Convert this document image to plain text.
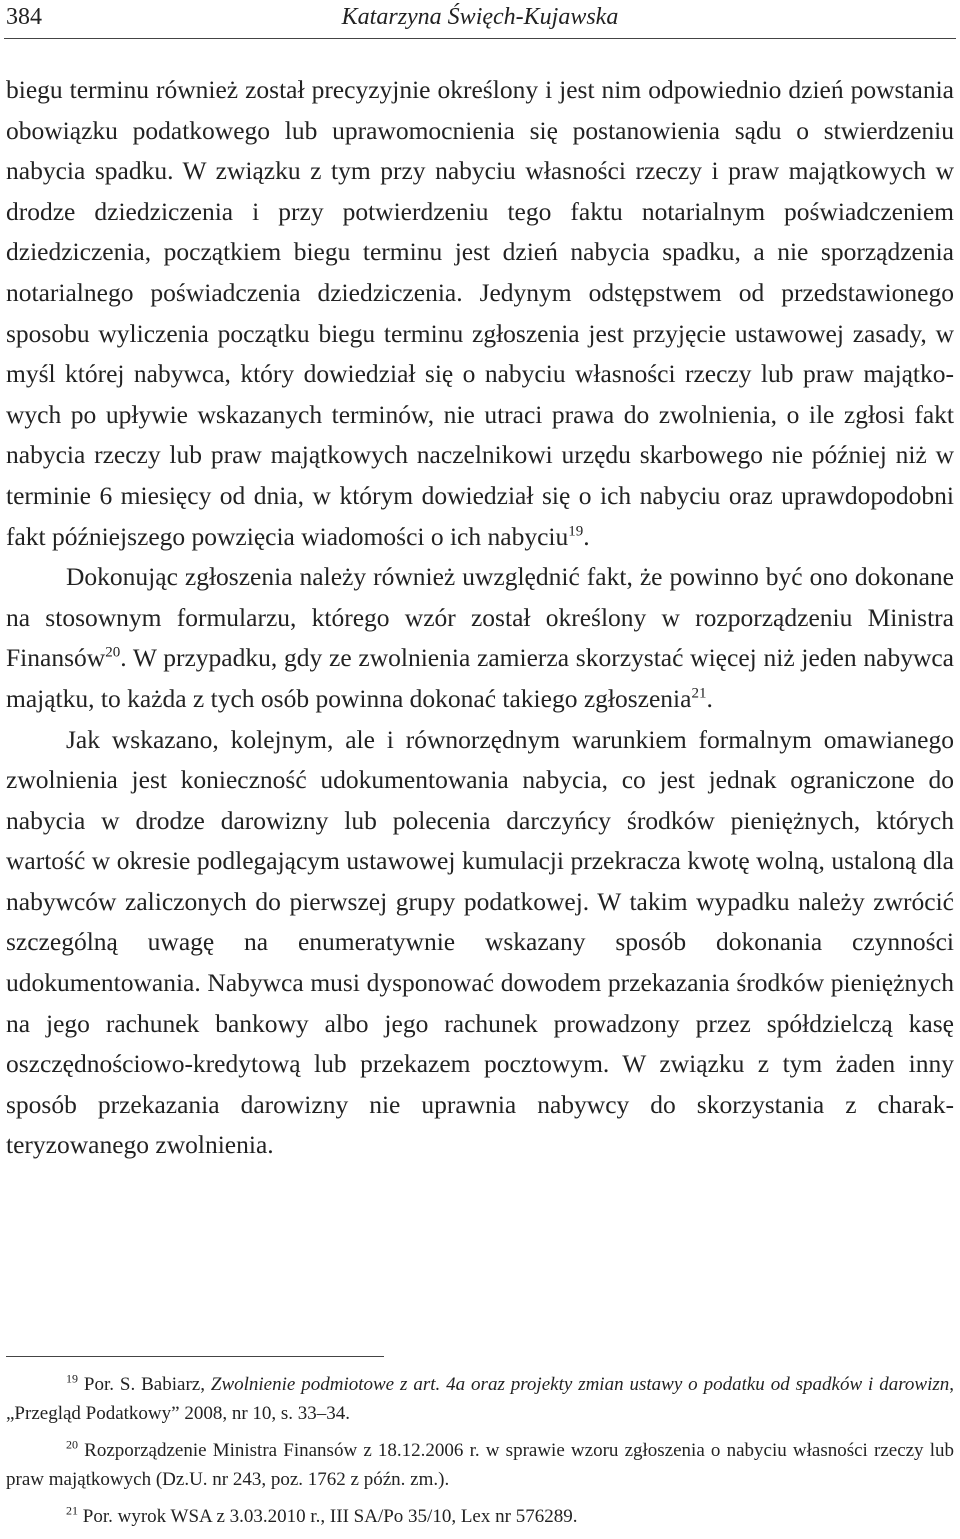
384	Katarzyna Święch-Kujawska

biegu terminu również został precyzyjnie określony i jest nim odpowiednio dzień powstania obowiązku podatkowego lub uprawomocnienia się postanowienia sądu o stwierdzeniu nabycia spadku. W związku z tym przy nabyciu własności rzeczy i praw majątkowych w drodze dziedziczenia i przy potwierdzeniu tego faktu notarialnym poświadczeniem dziedziczenia, początkiem biegu terminu jest dzień nabycia spadku, a nie sporządzenia notarialnego poświadczenia dziedziczenia. Jedynym odstępstwem od przedstawionego sposobu wyliczenia początku biegu terminu zgłoszenia jest przyjęcie ustawowej zasady, w myśl której nabywca, który dowiedział się o nabyciu własności rzeczy lub praw majątkowych po upływie wskazanych terminów, nie utraci prawa do zwolnienia, o ile zgłosi fakt nabycia rzeczy lub praw majątkowych naczelnikowi urzędu skarbowego nie później niż w terminie 6 miesięcy od dnia, w którym dowiedział się o ich nabyciu oraz uprawdopodobni fakt późniejszego powzięcia wiadomości o ich nabyciu$^{19}$.

Dokonując zgłoszenia należy również uwzględnić fakt, że powinno być ono dokonane na stosownym formularzu, którego wzór został określony w rozporządzeniu Ministra Finansów$^{20}$. W przypadku, gdy ze zwolnienia zamierza skorzystać więcej niż jeden nabywca majątku, to każda z tych osób powinna dokonać takiego zgłoszenia$^{21}$.

Jak wskazano, kolejnym, ale i równorzędnym warunkiem formalnym omawianego zwolnienia jest konieczność udokumentowania nabycia, co jest jednak ograniczone do nabycia w drodze darowizny lub polecenia darczyńcy środków pieniężnych, których wartość w okresie podlegającym ustawowej kumulacji przekracza kwotę wolną, ustaloną dla nabywców zaliczonych do pierwszej grupy podatkowej. W takim wypadku należy zwrócić szczególną uwagę na enumeratywnie wskazany sposób dokonania czynności udokumentowania. Nabywca musi dysponować dowodem przekazania środków pieniężnych na jego rachunek bankowy albo jego rachunek prowadzony przez spółdzielczą kasę oszczędnościowo-kredytową lub przekazem pocztowym. W związku z tym żaden inny sposób przekazania darowizny nie uprawnia nabywcy do skorzystania z charakteryzowanego zwolnienia.

$^{19}$ Por. S. Babiarz, Zwolnienie podmiotowe z art. 4a oraz projekty zmian ustawy o podatku od spadków i darowizn, „Przegląd Podatkowy” 2008, nr 10, s. 33–34.

$^{20}$ Rozporządzenie Ministra Finansów z 18.12.2006 r. w sprawie wzoru zgłoszenia o nabyciu własności rzeczy lub praw majątkowych (Dz.U. nr 243, poz. 1762 z późn. zm.).

$^{21}$ Por. wyrok WSA z 3.03.2010 r., III SA/Po 35/10, Lex nr 576289.
